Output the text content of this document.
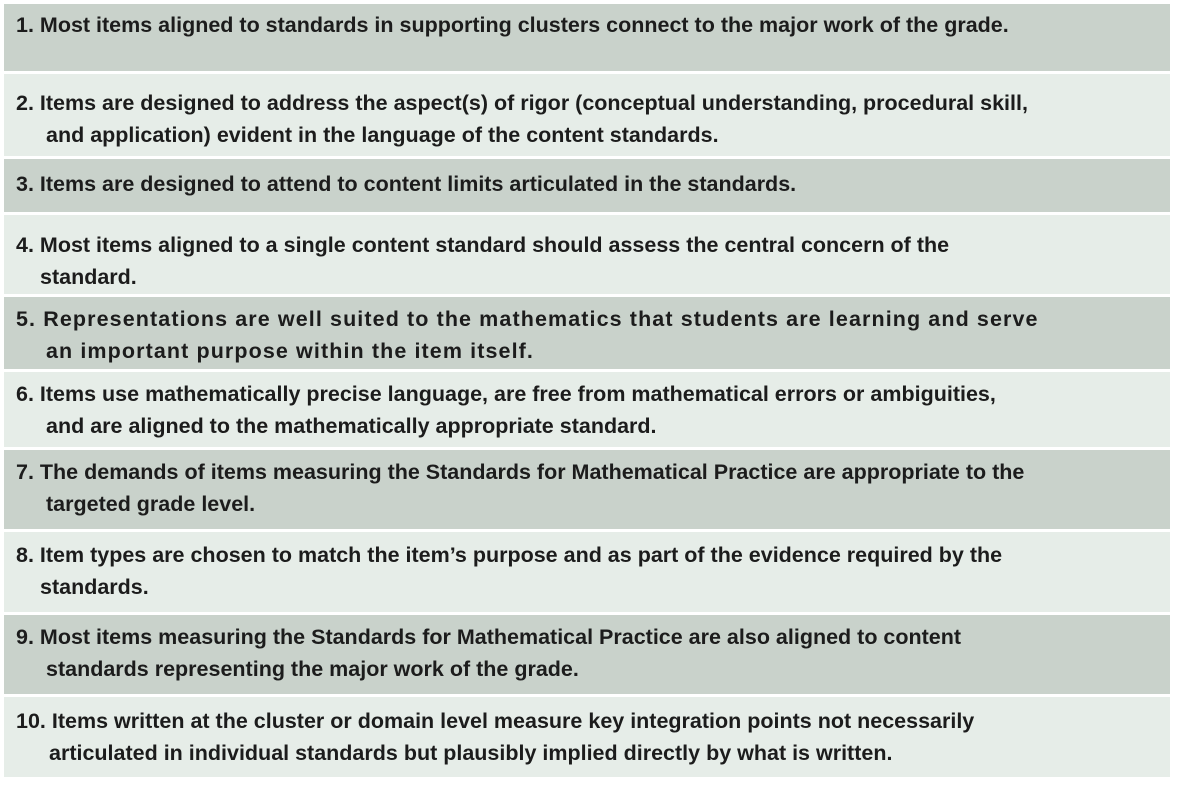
1. Most items aligned to standards in supporting clusters connect to the major work of the grade.
2. Items are designed to address the aspect(s) of rigor (conceptual understanding, procedural skill,
and application) evident in the language of the content standards.
3. Items are designed to attend to content limits articulated in the standards.
4. Most items aligned to a single content standard should assess the central concern of the
standard.
5. Representations are well suited to the mathematics that students are learning and serve
an important purpose within the item itself.
6. Items use mathematically precise language, are free from mathematical errors or ambiguities,
and are aligned to the mathematically appropriate standard.
7. The demands of items measuring the Standards for Mathematical Practice are appropriate to the
targeted grade level.
8. Item types are chosen to match the item’s purpose and as part of the evidence required by the
standards.
9. Most items measuring the Standards for Mathematical Practice are also aligned to content
standards representing the major work of the grade.
10. Items written at the cluster or domain level measure key integration points not necessarily
articulated in individual standards but plausibly implied directly by what is written.
